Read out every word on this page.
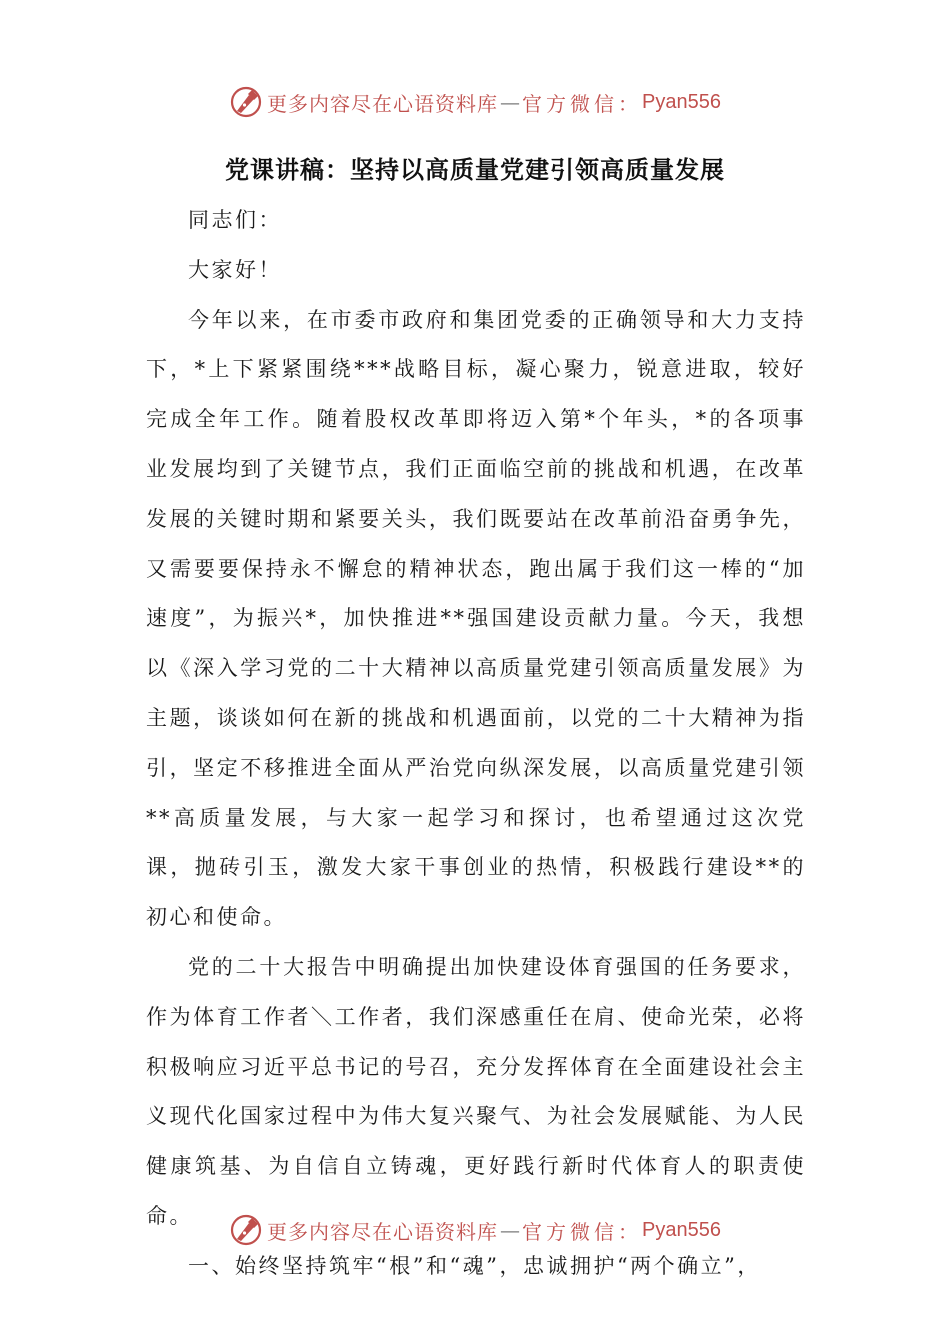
更多内容尽在心语资料库 — 官方微信： Pyan556
党课讲稿：坚持以高质量党建引领高质量发展

同志们：

大家好！

今年以来，在市委市政府和集团党委的正确领导和大力支持下，*上下紧紧围绕***战略目标，凝心聚力，锐意进取，较好完成全年工作。随着股权改革即将迈入第*个年头，*的各项事业发展均到了关键节点，我们正面临空前的挑战和机遇，在改革发展的关键时期和紧要关头，我们既要站在改革前沿奋勇争先，又需要要保持永不懈怠的精神状态，跑出属于我们这一棒的“加速度”，为振兴*，加快推进**强国建设贡献力量。今天，我想以《深入学习党的二十大精神以高质量党建引领高质量发展》为主题，谈谈如何在新的挑战和机遇面前，以党的二十大精神为指引，坚定不移推进全面从严治党向纵深发展，以高质量党建引领**高质量发展，与大家一起学习和探讨，也希望通过这次党课，抛砖引玉，激发大家干事创业的热情，积极践行建设**的初心和使命。

党的二十大报告中明确提出加快建设体育强国的任务要求，作为体育工作者＼工作者，我们深感重任在肩、使命光荣，必将积极响应习近平总书记的号召，充分发挥体育在全面建设社会主义现代化国家过程中为伟大复兴聚气、为社会发展赋能、为人民健康筑基、为自信自立铸魂，更好践行新时代体育人的职责使命。

一、始终坚持筑牢“根”和“魂”，忠诚拥护“两个确立”，

更多内容尽在心语资料库 — 官方微信： Pyan556
